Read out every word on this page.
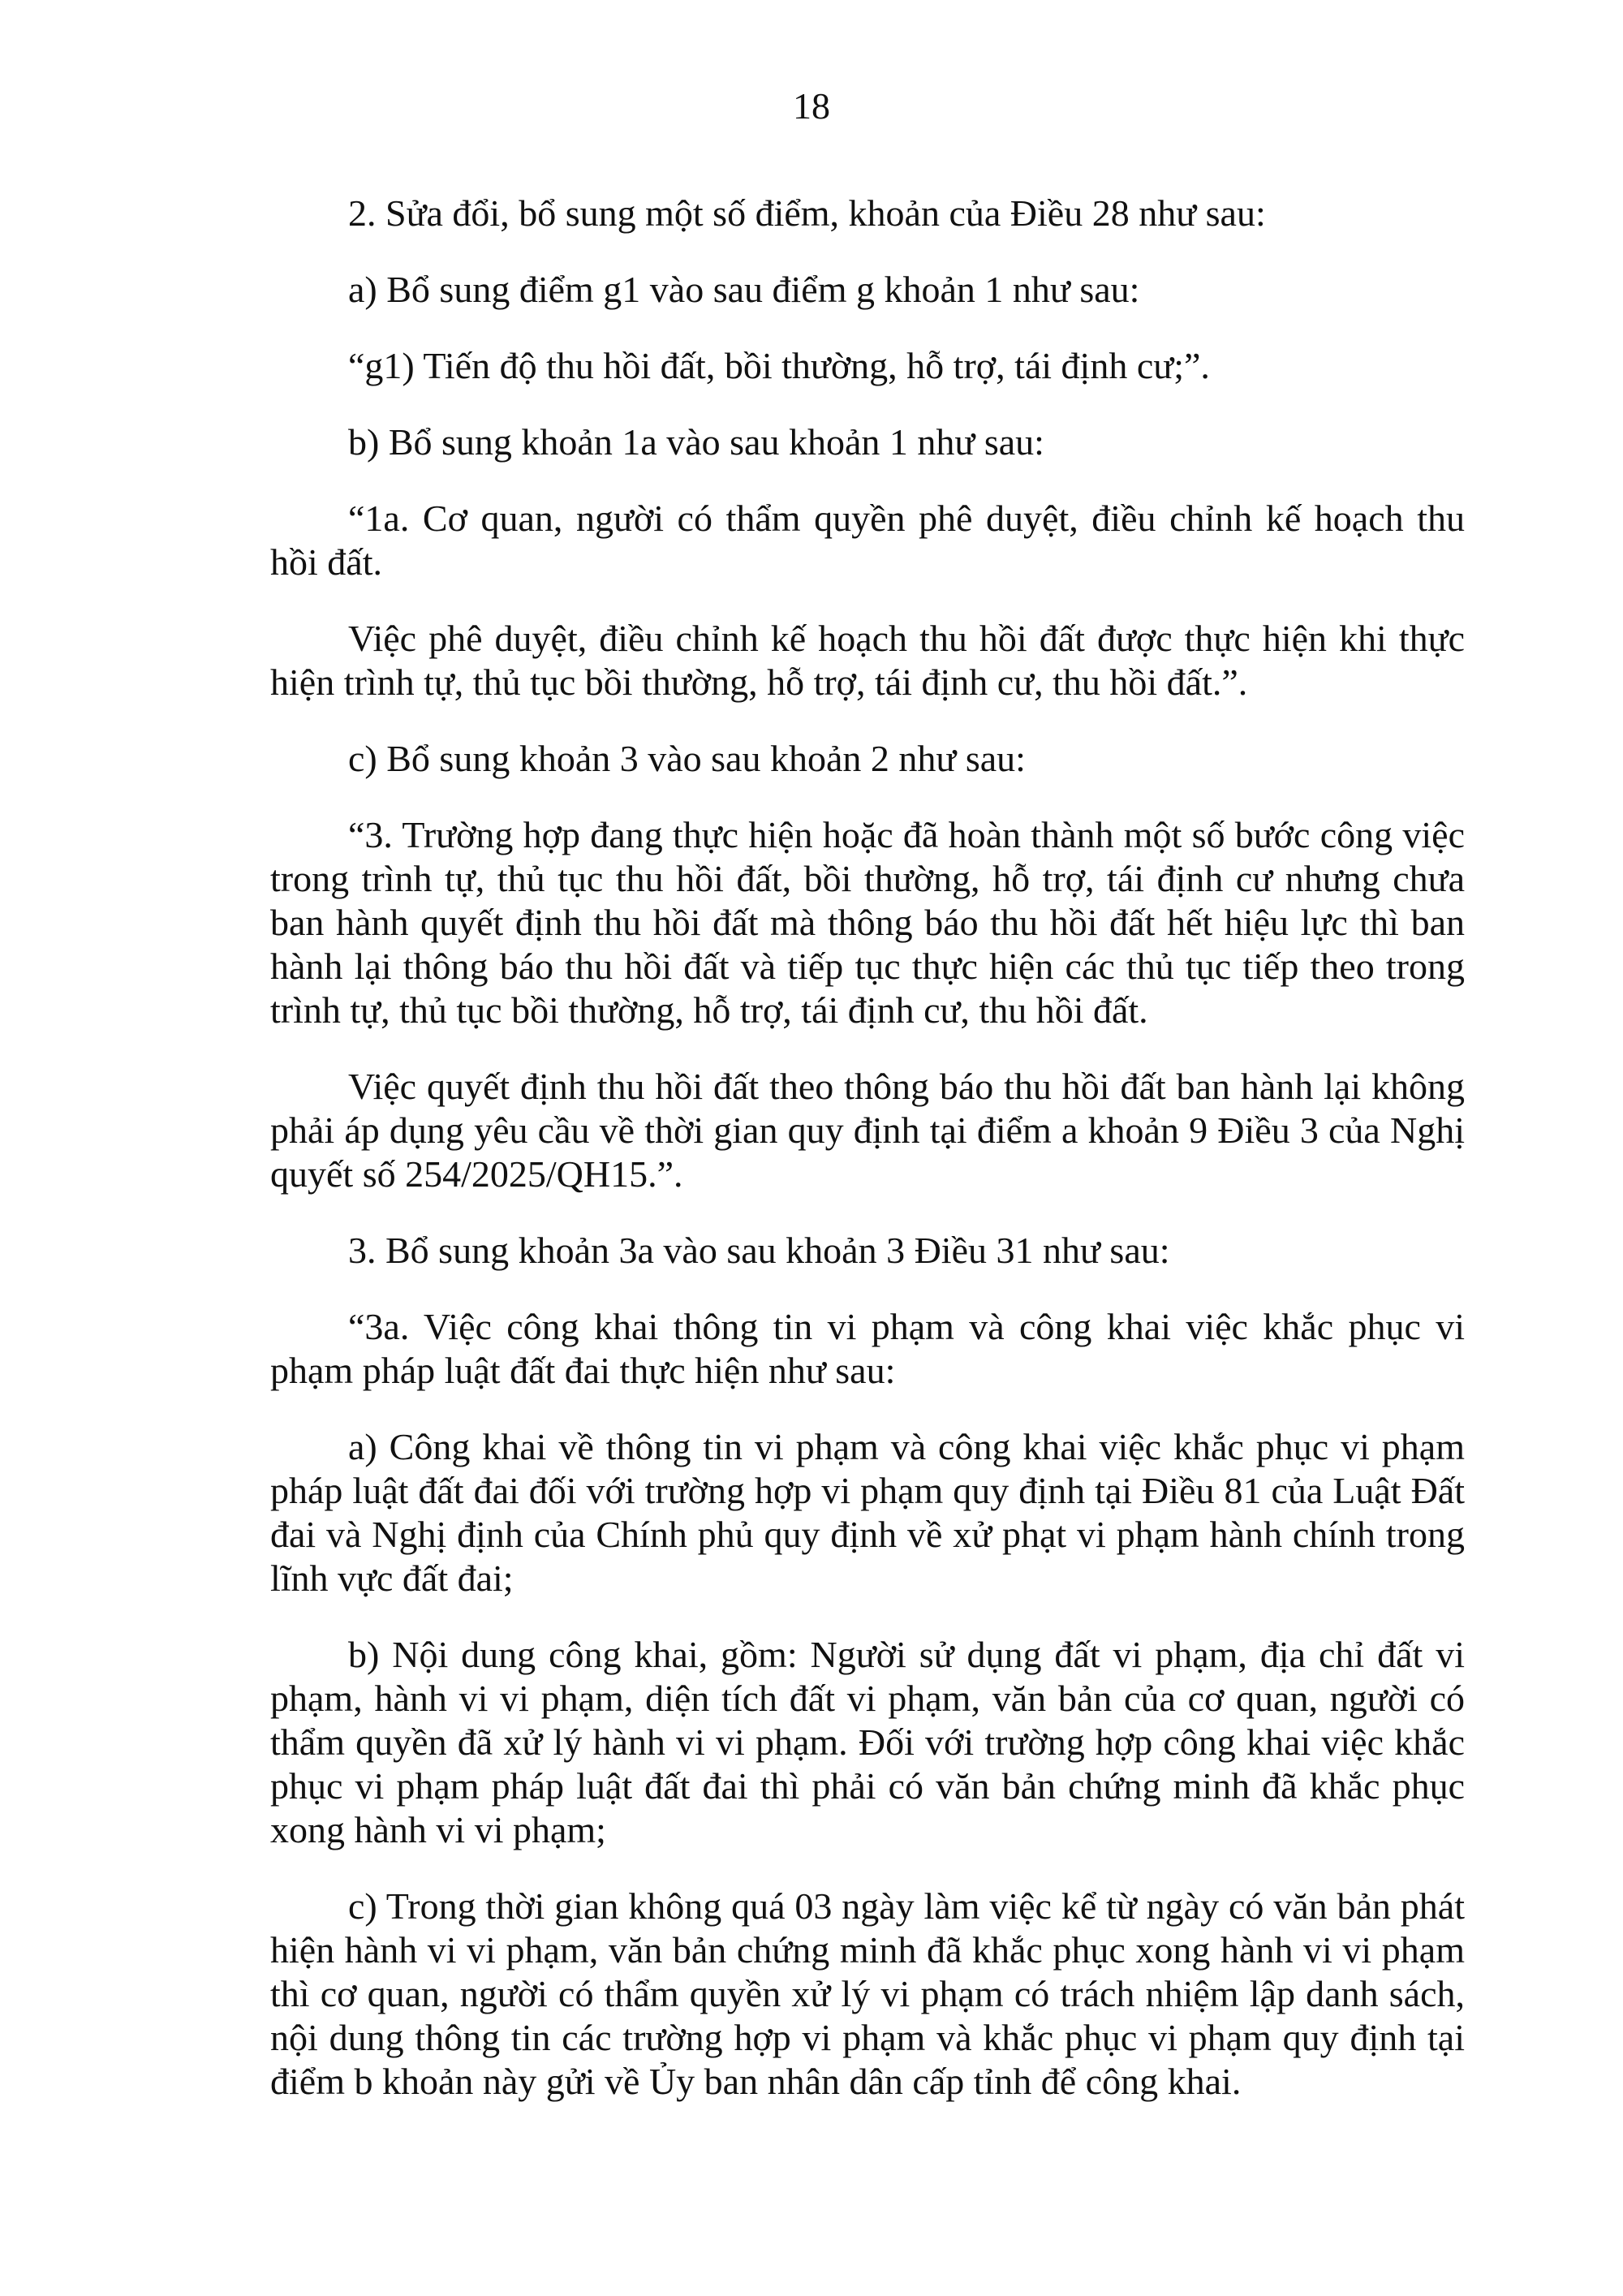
18

2. Sửa đổi, bổ sung một số điểm, khoản của Điều 28 như sau:

a) Bổ sung điểm g1 vào sau điểm g khoản 1 như sau:

“g1) Tiến độ thu hồi đất, bồi thường, hỗ trợ, tái định cư;”.

b) Bổ sung khoản 1a vào sau khoản 1 như sau:

“1a. Cơ quan, người có thẩm quyền phê duyệt, điều chỉnh kế hoạch thu hồi đất.

Việc phê duyệt, điều chỉnh kế hoạch thu hồi đất được thực hiện khi thực hiện trình tự, thủ tục bồi thường, hỗ trợ, tái định cư, thu hồi đất.”.

c) Bổ sung khoản 3 vào sau khoản 2 như sau:

“3. Trường hợp đang thực hiện hoặc đã hoàn thành một số bước công việc trong trình tự, thủ tục thu hồi đất, bồi thường, hỗ trợ, tái định cư nhưng chưa ban hành quyết định thu hồi đất mà thông báo thu hồi đất hết hiệu lực thì ban hành lại thông báo thu hồi đất và tiếp tục thực hiện các thủ tục tiếp theo trong trình tự, thủ tục bồi thường, hỗ trợ, tái định cư, thu hồi đất.

Việc quyết định thu hồi đất theo thông báo thu hồi đất ban hành lại không phải áp dụng yêu cầu về thời gian quy định tại điểm a khoản 9 Điều 3 của Nghị quyết số 254/2025/QH15.”.

3. Bổ sung khoản 3a vào sau khoản 3 Điều 31 như sau:

“3a. Việc công khai thông tin vi phạm và công khai việc khắc phục vi phạm pháp luật đất đai thực hiện như sau:

a) Công khai về thông tin vi phạm và công khai việc khắc phục vi phạm pháp luật đất đai đối với trường hợp vi phạm quy định tại Điều 81 của Luật Đất đai và Nghị định của Chính phủ quy định về xử phạt vi phạm hành chính trong lĩnh vực đất đai;

b) Nội dung công khai, gồm: Người sử dụng đất vi phạm, địa chỉ đất vi phạm, hành vi vi phạm, diện tích đất vi phạm, văn bản của cơ quan, người có thẩm quyền đã xử lý hành vi vi phạm. Đối với trường hợp công khai việc khắc phục vi phạm pháp luật đất đai thì phải có văn bản chứng minh đã khắc phục xong hành vi vi phạm;

c) Trong thời gian không quá 03 ngày làm việc kể từ ngày có văn bản phát hiện hành vi vi phạm, văn bản chứng minh đã khắc phục xong hành vi vi phạm thì cơ quan, người có thẩm quyền xử lý vi phạm có trách nhiệm lập danh sách, nội dung thông tin các trường hợp vi phạm và khắc phục vi phạm quy định tại điểm b khoản này gửi về Ủy ban nhân dân cấp tỉnh để công khai.
